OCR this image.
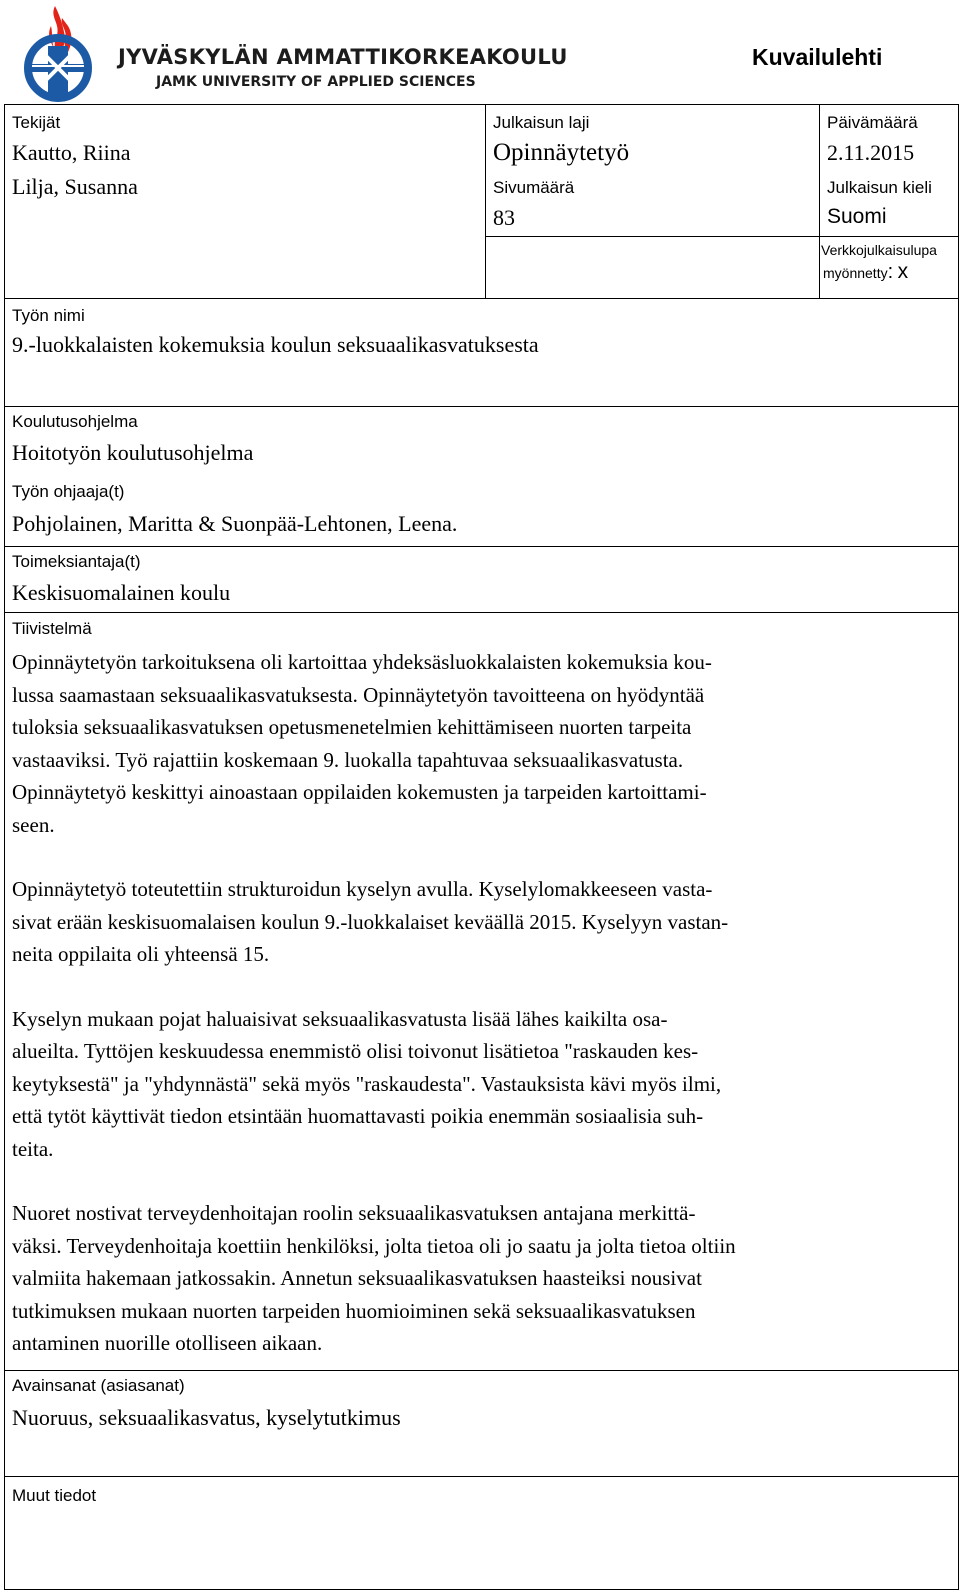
JYVÄSKYLÄN AMMATTIKORKEAKOULU
JAMK UNIVERSITY OF APPLIED SCIENCES
Kuvailulehti
Tekijät
Kautto, Riina
Lilja, Susanna
Julkaisun laji
Opinnäytetyö
Sivumäärä
83
Päivämäärä
2.11.2015
Julkaisun kieli
Suomi
Verkkojulkaisulupa
myönnetty: x
Työn nimi
9.-luokkalaisten kokemuksia koulun seksuaalikasvatuksesta
Koulutusohjelma
Hoitotyön koulutusohjelma
Työn ohjaaja(t)
Pohjolainen, Maritta & Suonpää-Lehtonen, Leena.
Toimeksiantaja(t)
Keskisuomalainen koulu
Tiivistelmä

Opinnäytetyön tarkoituksena oli kartoittaa yhdeksäsluokkalaisten kokemuksia kou-
lussa saamastaan seksuaalikasvatuksesta. Opinnäytetyön tavoitteena on hyödyntää
tuloksia seksuaalikasvatuksen opetusmenetelmien kehittämiseen nuorten tarpeita
vastaaviksi. Työ rajattiin koskemaan 9. luokalla tapahtuvaa seksuaalikasvatusta.
Opinnäytetyö keskittyi ainoastaan oppilaiden kokemusten ja tarpeiden kartoittami-
seen.

Opinnäytetyö toteutettiin strukturoidun kyselyn avulla. Kyselylomakkeeseen vasta-
sivat erään keskisuomalaisen koulun 9.-luokkalaiset keväällä 2015. Kyselyyn vastan-
neita oppilaita oli yhteensä 15.

Kyselyn mukaan pojat haluaisivat seksuaalikasvatusta lisää lähes kaikilta osa-
alueilta. Tyttöjen keskuudessa enemmistö olisi toivonut lisätietoa "raskauden kes-
keytyksestä" ja "yhdynnästä" sekä myös "raskaudesta". Vastauksista kävi myös ilmi,
että tytöt käyttivät tiedon etsintään huomattavasti poikia enemmän sosiaalisia suh-
teita.

Nuoret nostivat terveydenhoitajan roolin seksuaalikasvatuksen antajana merkittä-
väksi. Terveydenhoitaja koettiin henkilöksi, jolta tietoa oli jo saatu ja jolta tietoa oltiin
valmiita hakemaan jatkossakin. Annetun seksuaalikasvatuksen haasteiksi nousivat
tutkimuksen mukaan nuorten tarpeiden huomioiminen sekä seksuaalikasvatuksen
antaminen nuorille otolliseen aikaan.

Avainsanat (asiasanat)
Nuoruus, seksuaalikasvatus, kyselytutkimus
Muut tiedot
